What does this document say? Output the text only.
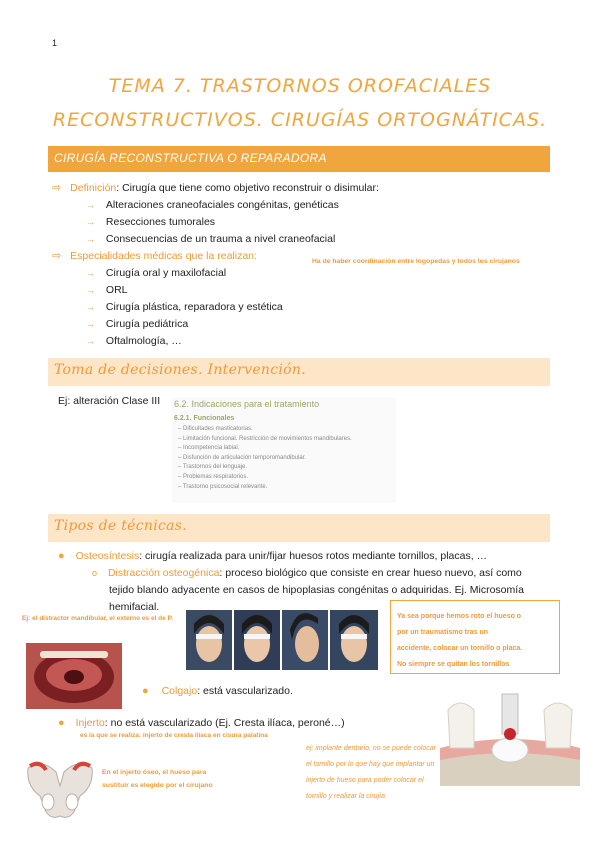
1
TEMA 7. TRASTORNOS OROFACIALES
RECONSTRUCTIVOS. CIRUGÍAS ORTOGNÁTICAS.
CIRUGÍA RECONSTRUCTIVA O REPARADORA
⇨ Definición: Cirugía que tiene como objetivo reconstruir o disimular:
→ Alteraciones craneofaciales congénitas, genéticas
→ Resecciones tumorales
→ Consecuencias de un trauma a nivel craneofacial
⇨ Especialidades médicas que la realizan:	Ha de haber coordinación entre logopedas y todos los cirujanos
→ Cirugía oral y maxilofacial
→ ORL
→ Cirugía plástica, reparadora y estética
→ Cirugía pediátrica
→ Oftalmología, …
Toma de decisiones. Intervención.
Ej: alteración Clase III 6.2. Indicaciones para el tratamiento
6.2.1. Funcionales
– Dificultades masticatorias.
– Limitación funcional. Restricción de movimientos mandibulares.
– Incompetencia labial.
– Disfunción de articulación temporomandibular.
– Trastornos del lenguaje.
– Problemas respiratorios.
– Trastorno psicosocial relevante.
Tipos de técnicas.
● Osteosíntesis: cirugía realizada para unir/fijar huesos rotos mediante tornillos, placas, …
o Distracción osteogénica: proceso biológico que consiste en crear hueso nuevo, así como
tejido blando adyacente en casos de hipoplasias congénitas o adquiridas. Ej. Microsomía
hemifacial.
Ej: el distractor mandibular, el externo es el de P.	Ya sea porque hemos roto el hueso o
por un traumatismo tras un
accidente, colocar un tornillo o placa.
No siempre se quitan los tornillos
● Colgajo: está vascularizado.
● Injerto: no está vascularizado (Ej. Cresta ilíaca, peroné…)
es la que se realiza: injerto de cresta ilíaca en cisura palatina
ej: implante dentario, no se puede colocar
el tornillo por lo que hay que implantar un
injerto de hueso para poder colocar el
tornillo y realizar la cirujía
En el injerto óseo, el hueso para
sustituir es elegido por el cirujano
